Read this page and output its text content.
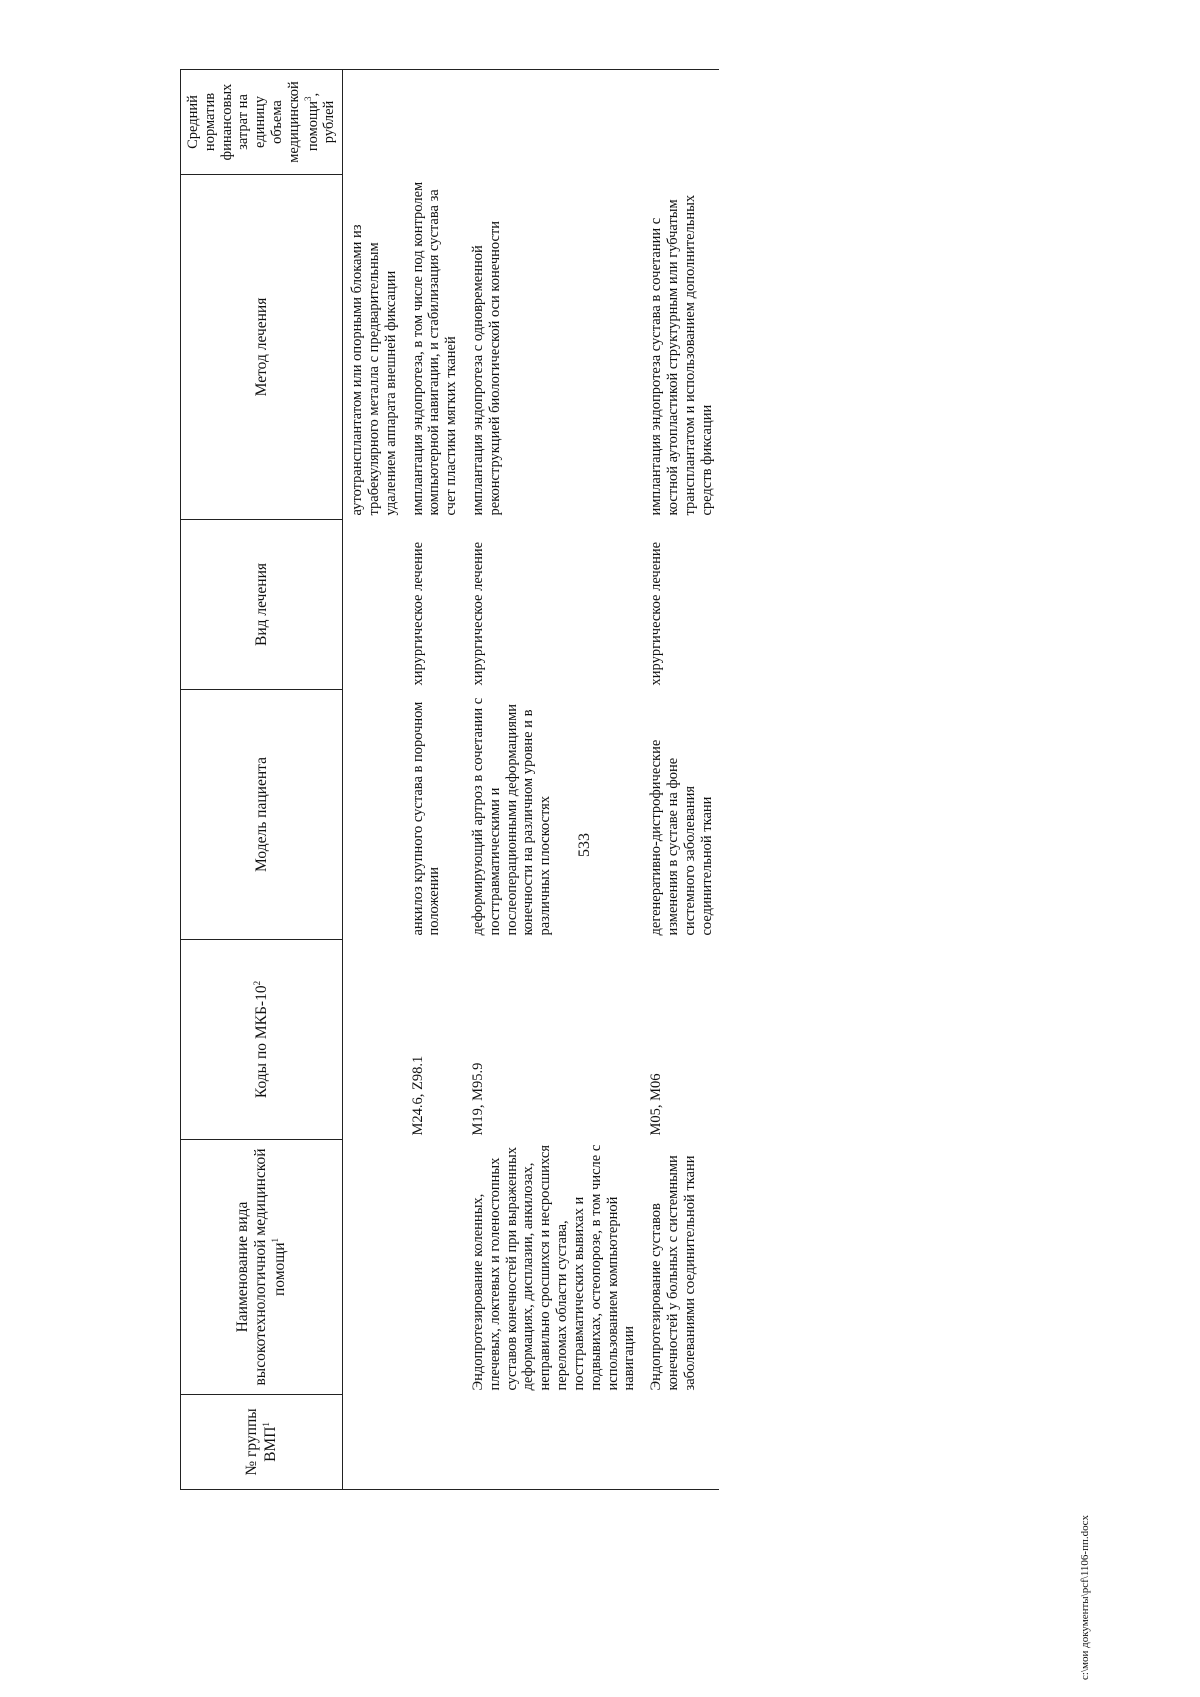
533
№ группы ВМП$^1$	Наименование вида высокотехнологичной медицинской помощи$^1$	Коды по МКБ-$10^2$	Модель пациента	Вид лечения	Метод лечения	Средний норматив финансовых затрат на единицу объема медицинской помощи$^3$, рублей
					аутотрансплантатом или опорными блоками из трабекулярного металла с предварительным удалением аппарата внешней фиксации	
		M24.6, Z98.1	анкилоз крупного сустава в порочном положении	хирургическое лечение	имплантация эндопротеза, в том числе под контролем компьютерной навигации, и стабилизация сустава за счет пластики мягких тканей	
	Эндопротезирование коленных, плечевых, локтевых и голеностопных суставов конечностей при выраженных деформациях, дисплазии, анкилозах, неправильно сросшихся и несросшихся переломах области сустава, посттравматических вывихах и подвывихах, остеопорозе, в том числе с использованием компьютерной навигации	M19, M95.9	деформирующий артроз в сочетании с посттравматическими и послеоперационными деформациями конечности на различном уровне и в различных плоскостях	хирургическое лечение	имплантация эндопротеза с одновременной реконструкцией биологической оси конечности	
	Эндопротезирование суставов конечностей у больных с системными заболеваниями соединительной ткани	M05, M06	дегенеративно-дистрофические изменения в суставе на фоне системного заболевания соединительной ткани	хирургическое лечение	имплантация эндопротеза сустава в сочетании с костной аутопластикой структурным или губчатым трансплантатом и использованием дополнительных средств фиксации	
c:\мои документы\pcf\1106-пп.docx
